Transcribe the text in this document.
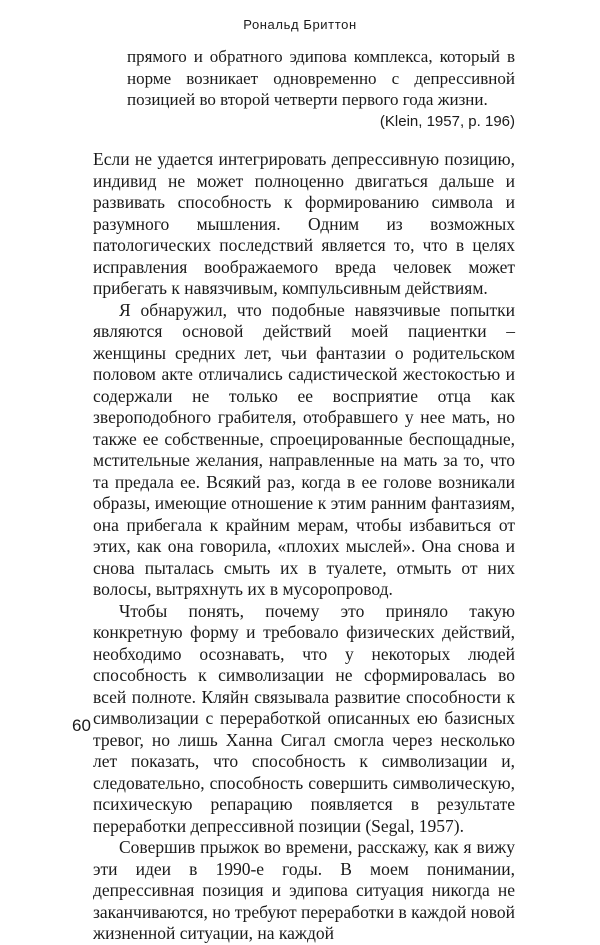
Рональд Бриттон

прямого и обратного эдипова комплекса, который в норме возникает одновременно с депрессивной позицией во второй четверти первого года жизни.

(Klein, 1957, p. 196)

Если не удается интегрировать депрессивную позицию, индивид не может полноценно двигаться дальше и развивать способность к формированию символа и разумного мышления. Одним из возможных патологических последствий является то, что в целях исправления воображаемого вреда человек может прибегать к навязчивым, компульсивным действиям.

Я обнаружил, что подобные навязчивые попытки являются основой действий моей пациентки – женщины средних лет, чьи фантазии о родительском половом акте отличались садистической жестокостью и содержали не только ее восприятие отца как звероподобного грабителя, отобравшего у нее мать, но также ее собственные, спроецированные беспощадные, мстительные желания, направленные на мать за то, что та предала ее. Всякий раз, когда в ее голове возникали образы, имеющие отношение к этим ранним фантазиям, она прибегала к крайним мерам, чтобы избавиться от этих, как она говорила, «плохих мыслей». Она снова и снова пыталась смыть их в туалете, отмыть от них волосы, вытряхнуть их в мусоропровод.

Чтобы понять, почему это приняло такую конкретную форму и требовало физических действий, необходимо осознавать, что у некоторых людей способность к символизации не сформировалась во всей полноте. Кляйн связывала развитие способности к символизации с переработкой описанных ею базисных тревог, но лишь Ханна Сигал смогла через несколько лет показать, что способность к символизации и, следовательно, способность совершить символическую, психическую репарацию появляется в результате переработки депрессивной позиции (Segal, 1957).

Совершив прыжок во времени, расскажу, как я вижу эти идеи в 1990-е годы. В моем понимании, депрессивная позиция и эдипова ситуация никогда не заканчиваются, но требуют переработки в каждой новой жизненной ситуации, на каждой

60
